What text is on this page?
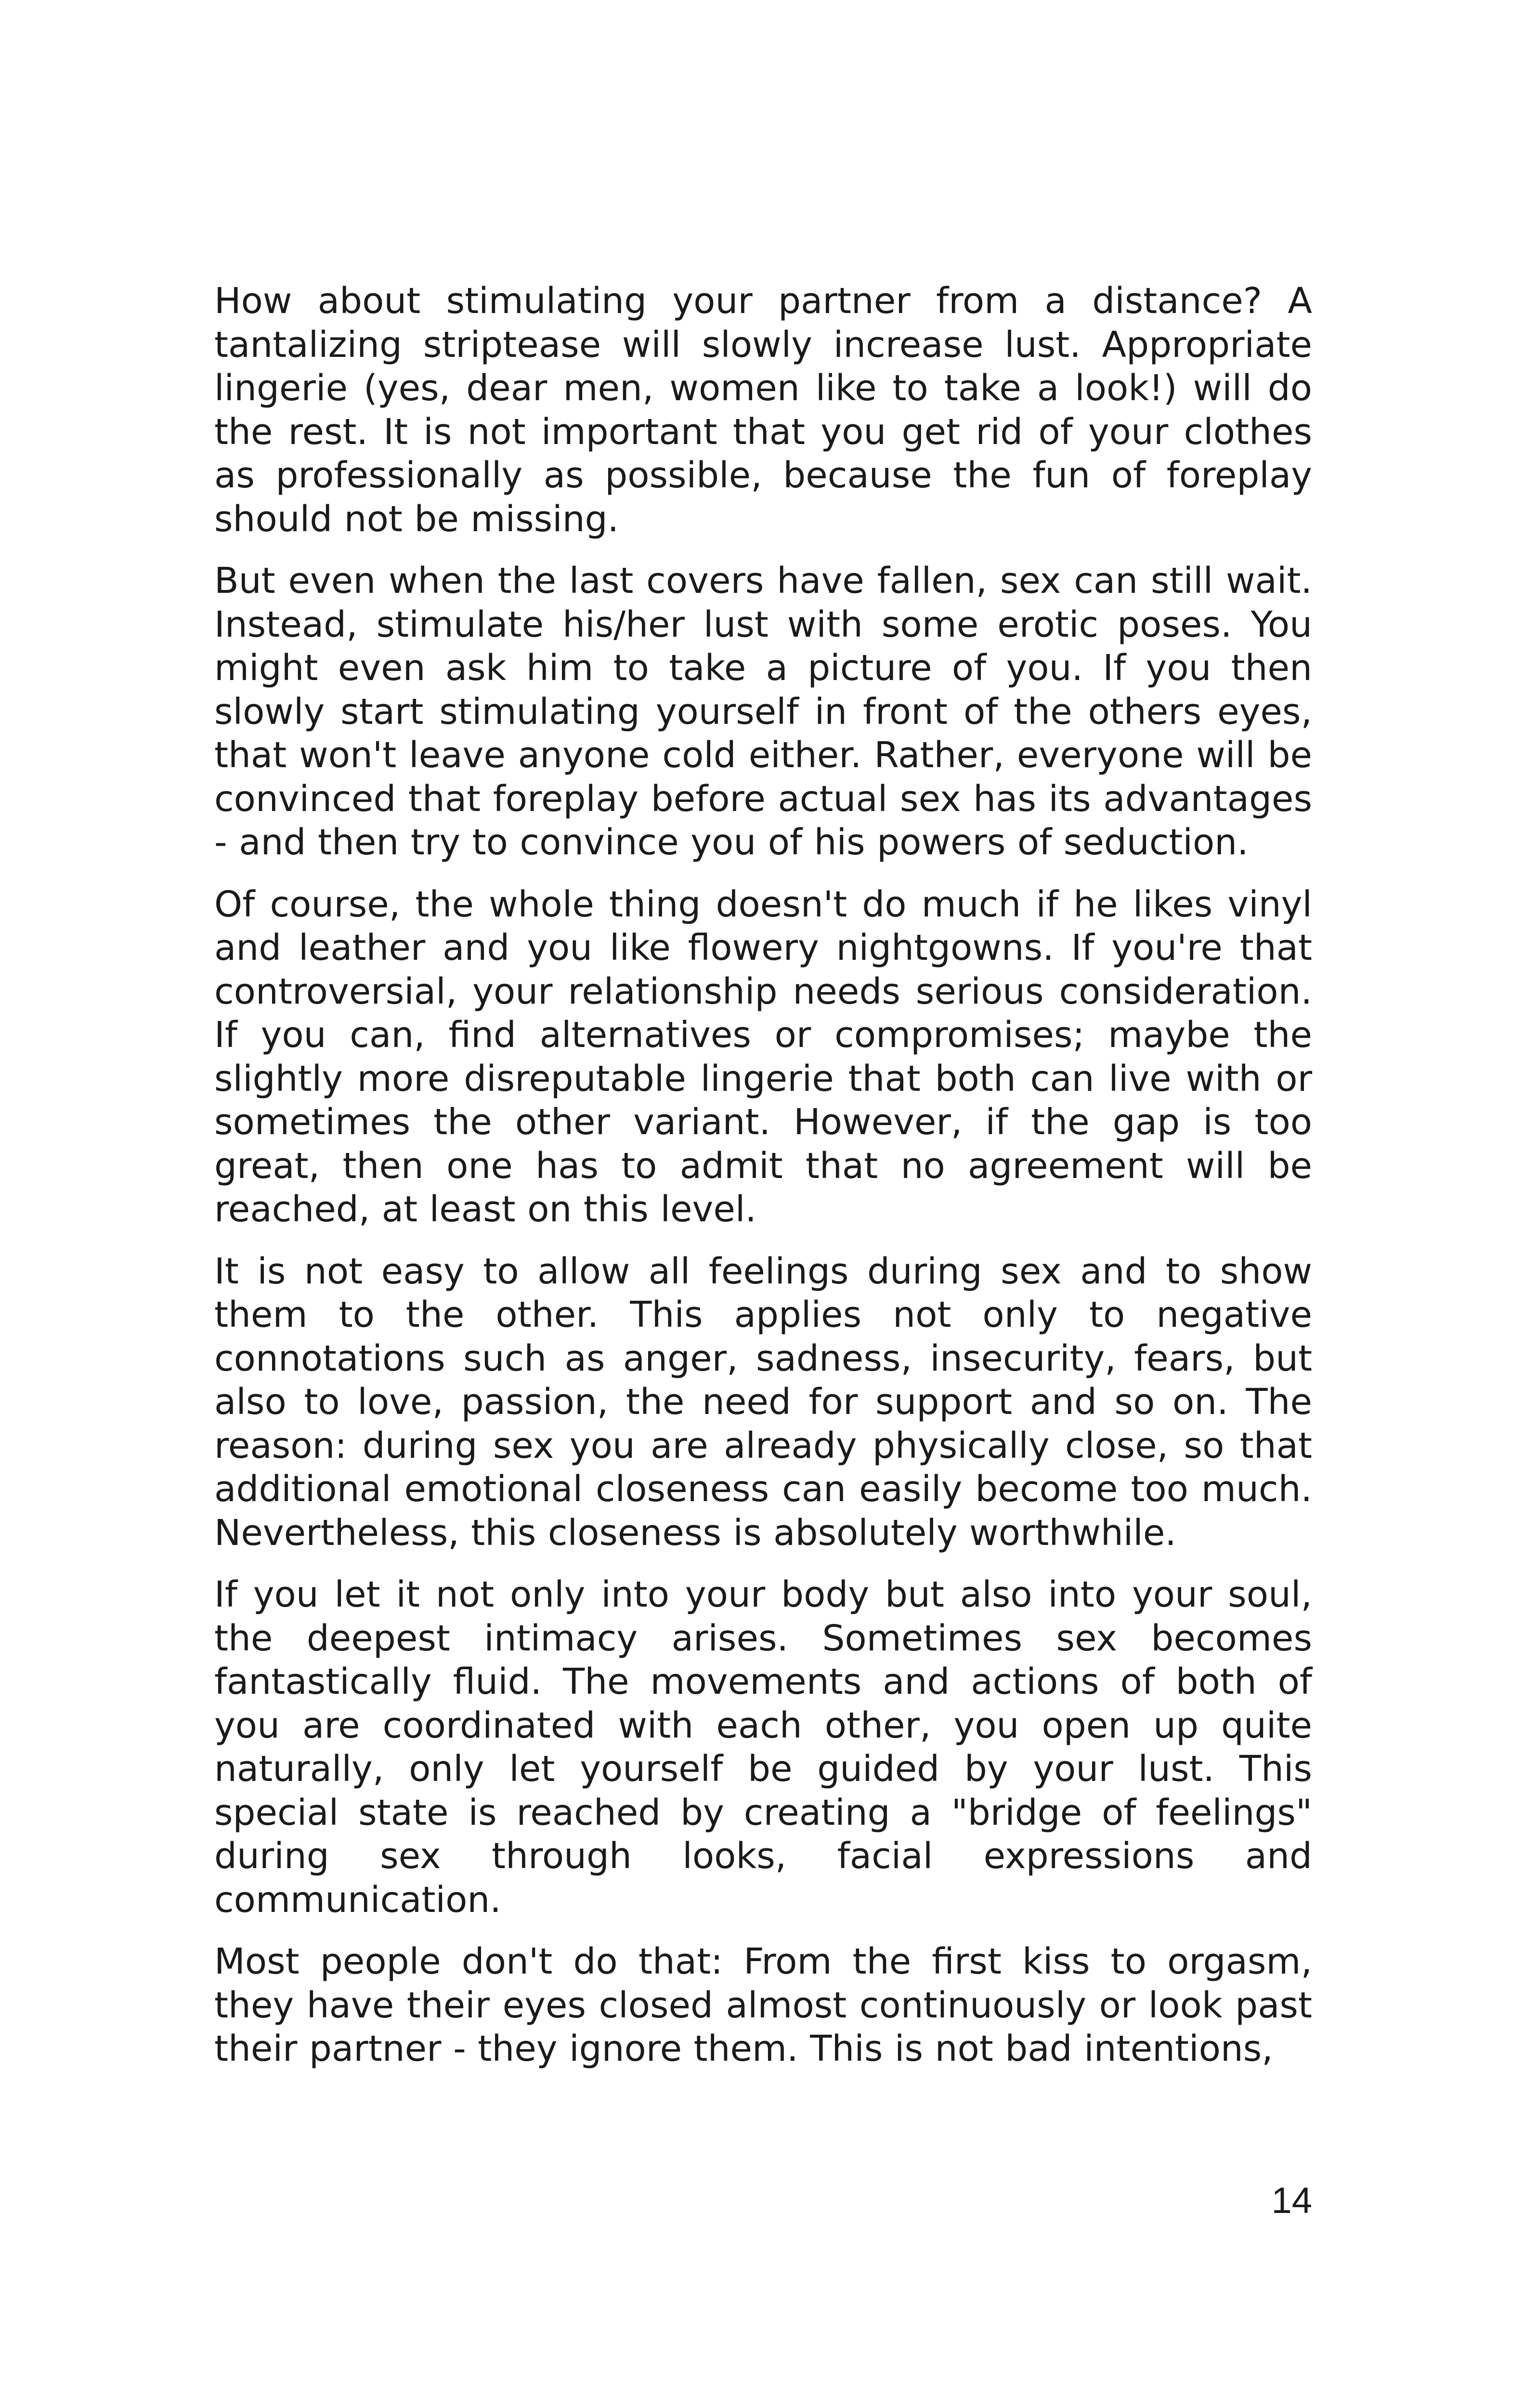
How about stimulating your partner from a distance? A tantalizing striptease will slowly increase lust. Appropriate lingerie (yes, dear men, women like to take a look!) will do the rest. It is not important that you get rid of your clothes as professionally as possible, because the fun of foreplay should not be missing.

But even when the last covers have fallen, sex can still wait. Instead, stimulate his/her lust with some erotic poses. You might even ask him to take a picture of you. If you then slowly start stimulating yourself in front of the others eyes, that won't leave anyone cold either. Rather, everyone will be convinced that foreplay before actual sex has its advantages - and then try to convince you of his powers of seduction.

Of course, the whole thing doesn't do much if he likes vinyl and leather and you like flowery nightgowns. If you're that controversial, your relationship needs serious consideration. If you can, find alternatives or compromises; maybe the slightly more disreputable lingerie that both can live with or sometimes the other variant. However, if the gap is too great, then one has to admit that no agreement will be reached, at least on this level.

It is not easy to allow all feelings during sex and to show them to the other. This applies not only to negative connotations such as anger, sadness, insecurity, fears, but also to love, passion, the need for support and so on. The reason: during sex you are already physically close, so that additional emotional closeness can easily become too much. Nevertheless, this closeness is absolutely worthwhile.

If you let it not only into your body but also into your soul, the deepest intimacy arises. Sometimes sex becomes fantastically fluid. The movements and actions of both of you are coordinated with each other, you open up quite naturally, only let yourself be guided by your lust. This special state is reached by creating a "bridge of feelings" during sex through looks, facial expressions and communication.

Most people don't do that: From the first kiss to orgasm, they have their eyes closed almost continuously or look past their partner - they ignore them. This is not bad intentions,

14
